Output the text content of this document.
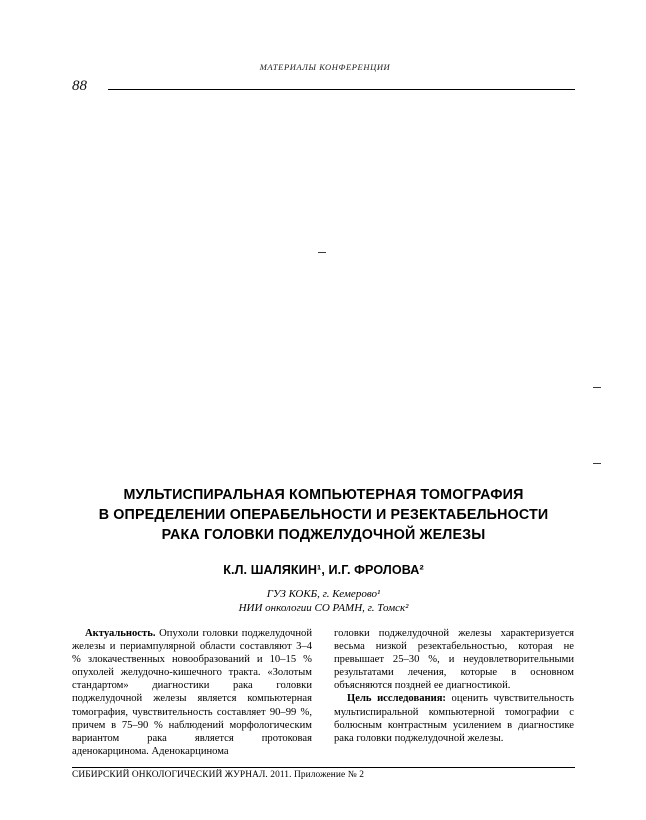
МАТЕРИАЛЫ КОНФЕРЕНЦИИ
88
МУЛЬТИСПИРАЛЬНАЯ КОМПЬЮТЕРНАЯ ТОМОГРАФИЯ
В ОПРЕДЕЛЕНИИ ОПЕРАБЕЛЬНОСТИ И РЕЗЕКТАБЕЛЬНОСТИ
РАКА ГОЛОВКИ ПОДЖЕЛУДОЧНОЙ ЖЕЛЕЗЫ
К.Л. ШАЛЯКИН¹, И.Г. ФРОЛОВА²
ГУЗ КОКБ, г. Кемерово¹
НИИ онкологии СО РАМН, г. Томск²

Актуальность. Опухоли головки поджелудочной железы и периампулярной области составляют 3–4 % злокачественных новообразований и 10–15 % опухолей желудочно-кишечного тракта. «Золотым стандартом» диагностики рака головки поджелудочной железы является компьютерная томография, чувствительность составляет 90–99 %, причем в 75–90 % наблюдений морфологическим вариантом рака является протоковая аденокарцинома. Аденокарцинома

головки поджелудочной железы характеризуется весьма низкой резектабельностью, которая не превышает 25–30 %, и неудовлетворительными результатами лечения, которые в основном объясняются поздней ее диагностикой.

Цель исследования: оценить чувствительность мультиспиральной компьютерной томографии с болюсным контрастным усилением в диагностике рака головки поджелудочной железы.

СИБИРСКИЙ ОНКОЛОГИЧЕСКИЙ ЖУРНАЛ. 2011. Приложение № 2
